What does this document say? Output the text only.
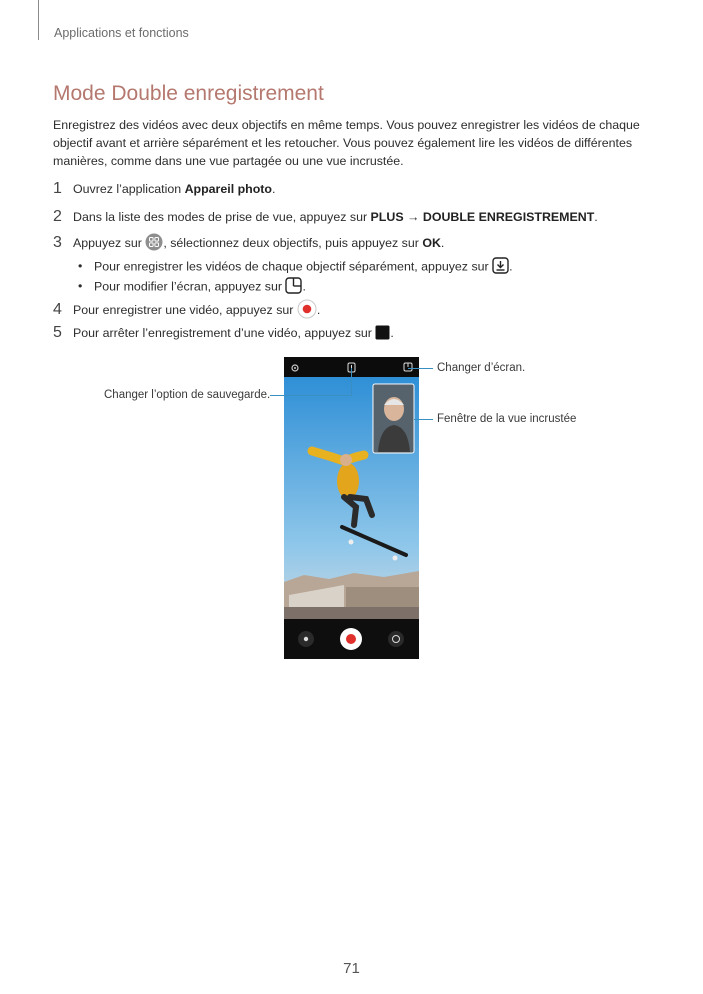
Applications et fonctions
Mode Double enregistrement
Enregistrez des vidéos avec deux objectifs en même temps. Vous pouvez enregistrer les vidéos de chaque objectif avant et arrière séparément et les retoucher. Vous pouvez également lire les vidéos de différentes manières, comme dans une vue partagée ou une vue incrustée.
1 Ouvrez l’application Appareil photo.
2 Dans la liste des modes de prise de vue, appuyez sur PLUS → DOUBLE ENREGISTREMENT.
3 Appuyez sur , sélectionnez deux objectifs, puis appuyez sur OK.
• Pour enregistrer les vidéos de chaque objectif séparément, appuyez sur .
• Pour modifier l’écran, appuyez sur .
4 Pour enregistrer une vidéo, appuyez sur .
5 Pour arrêter l’enregistrement d’une vidéo, appuyez sur .
Changer d’écran.
Changer l’option de sauvegarde.
Fenêtre de la vue incrustée
71
